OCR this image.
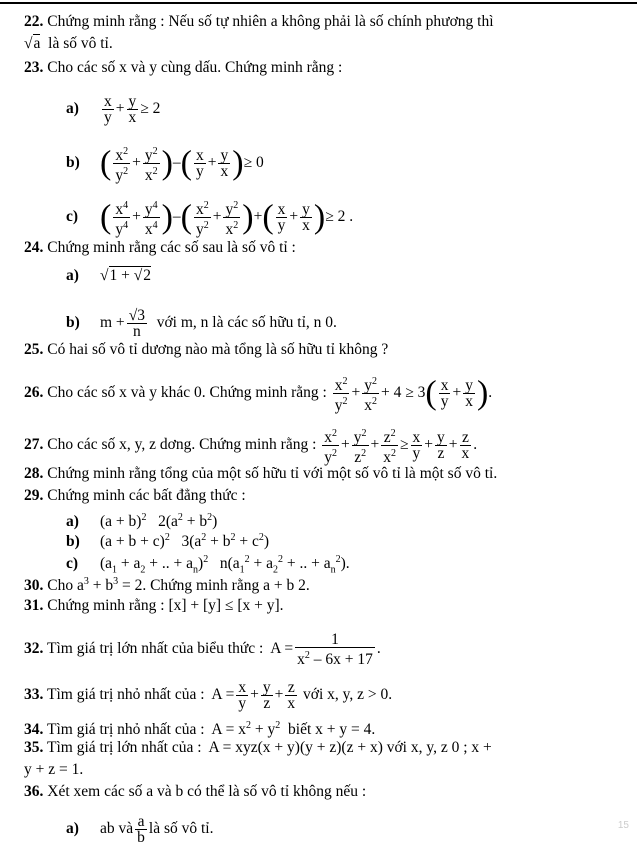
22. Chứng minh rằng : Nếu số tự nhiên a không phải là số chính phương thì
√a là số vô tỉ.
23. Cho các số x và y cùng dấu. Chứng minh rằng :
$a) \frac{x}{y} + \frac{y}{x} \ge 2$
b) ( $\frac{x^2}{y^2} + \frac{y^2}{x^2}$ )–( $\frac{x}{y} + \frac{y}{x}$ )≥ 0
c) ( $\frac{x^4}{y^4} + \frac{y^4}{x^4}$ )–( $\frac{x^2}{y^2} + \frac{y^2}{x^2}$ )+( $\frac{x}{y} + \frac{y}{x}$ )≥ 2 .
24. Chứng minh rằng các số sau là số vô tỉ :
a) √1 + √2
b) $m + \frac{√3}{n}$ với m, n là các số hữu tỉ, n 0.
25. Có hai số vô tỉ dương nào mà tổng là số hữu tỉ không ?
26. Cho các số x và y khác 0. Chứng minh rằng : $\frac{x^2}{y^2} + \frac{y^2}{x^2} + 4 \ge 3( \frac{x}{y} + \frac{y}{x}$ ).
27. Cho các số x, y, z dơng. Chứng minh rằng : $\frac{x^2}{y^2} + \frac{y^2}{z^2} + \frac{z^2}{x^2} \ge \frac{x}{y} + \frac{y}{z} + \frac{z}{x}$ .
28. Chứng minh rằng tổng của một số hữu tỉ với một số vô tỉ là một số vô tỉ.
29. Chứng minh các bất đẳng thức :
a) $(a + b)^2$   $2(a^2 + b^2)$
b) $(a + b + c)^2$   $3(a^2 + b^2 + c^2)$
c) ($a_1 + a_2$ + .. + $a_n)^2$   $n(a_1^2 + a_2^2$ + .. + $a_n^2$).
30. Cho $a^3 + b^3 = 2$. Chứng minh rằng a + b 2.
31. Chứng minh rằng : [x] + [y] ≤ [x + y].
32. Tìm giá trị lớn nhất của biểu thức :  $A = \frac{1}{x^2 - 6x + 17}$ .
33. Tìm giá trị nhỏ nhất của :  $A = \frac{x}{y} + \frac{y}{z} + \frac{z}{x}$ với x, y, z > 0.
34. Tìm giá trị nhỏ nhất của :  $A = x^2 + y^2$ biết x + y = 4.
35. Tìm giá trị lớn nhất của : A = xyz(x + y)(y + z)(z + x) với x, y, z 0 ; x +
y + z = 1.
36. Xét xem các số a và b có thể là số vô tỉ không nếu :
a) ab và $\frac{a}{b}$ là số vô tỉ.	15
